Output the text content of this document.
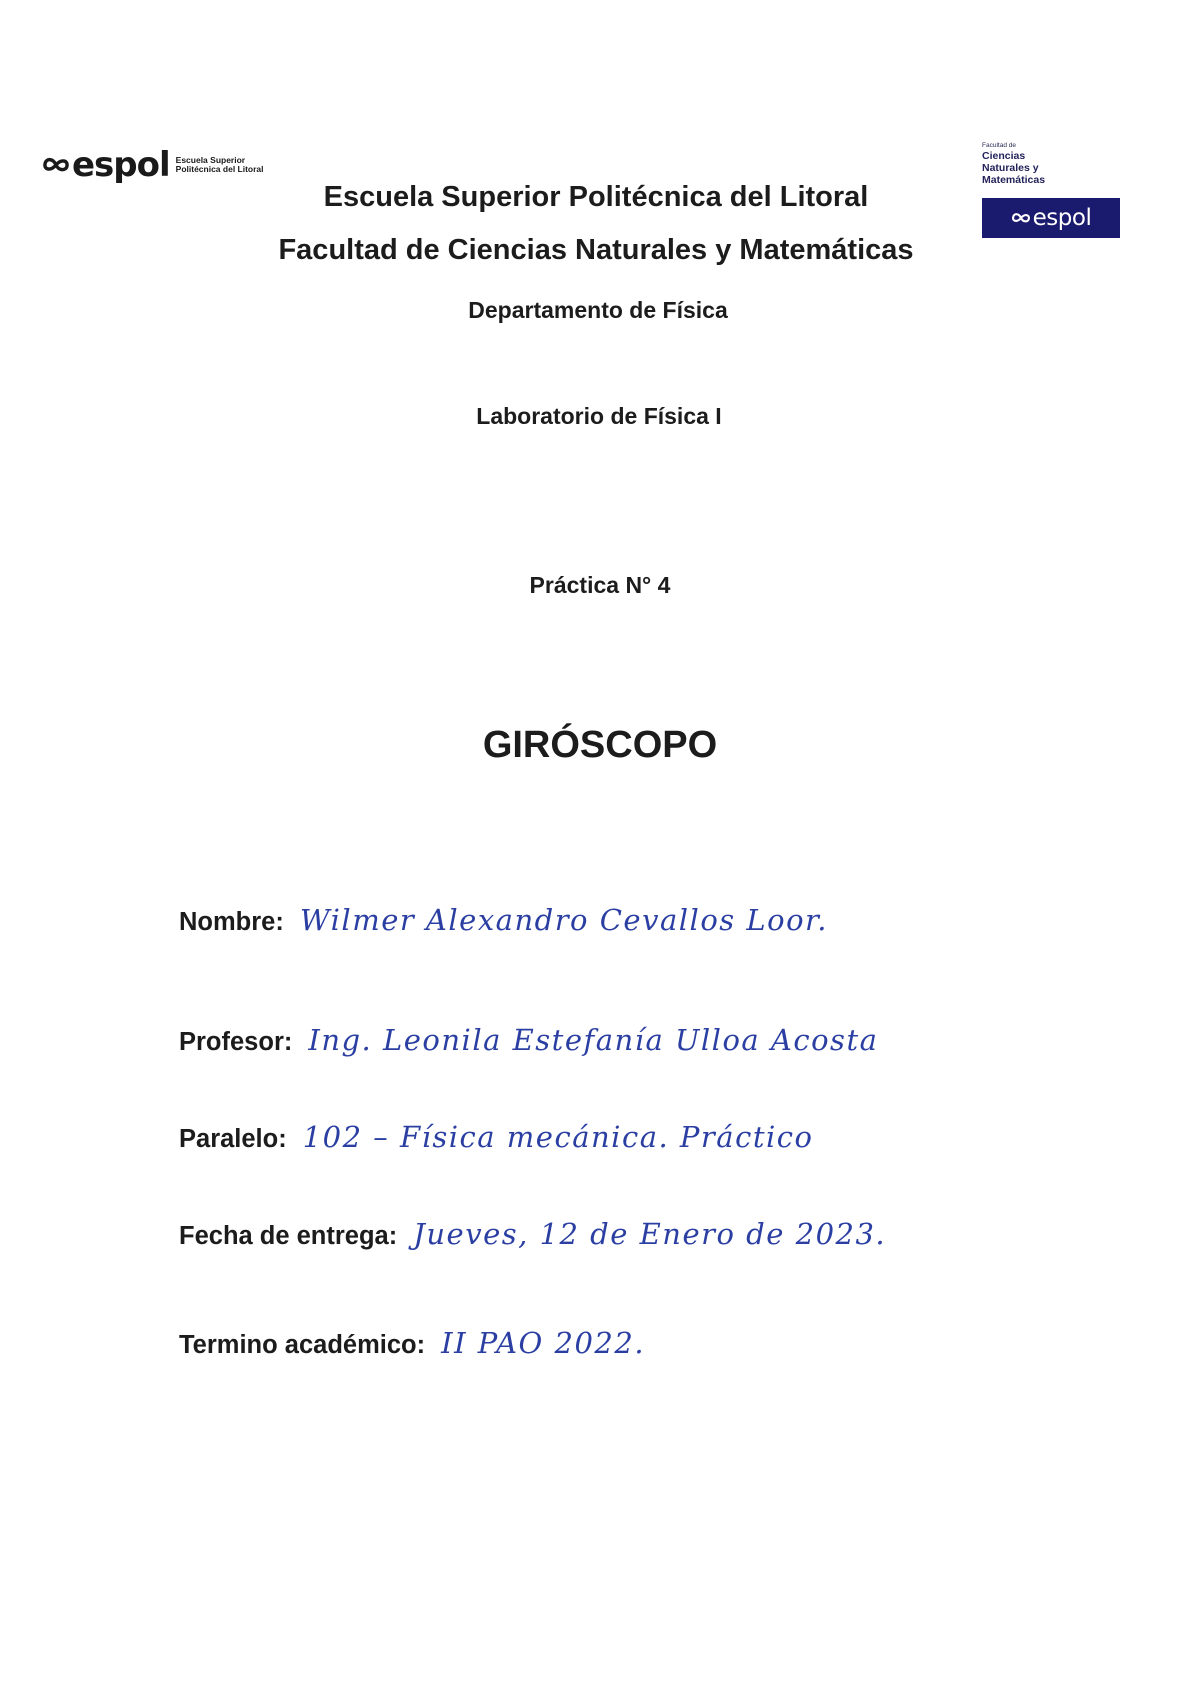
espol Escuela Superior
Politécnica del Litoral
Facultad de
Ciencias
Naturales y
Matemáticas
espol
Escuela Superior Politécnica del Litoral
Facultad de Ciencias Naturales y Matemáticas
Departamento de Física
Laboratorio de Física I
Práctica N° 4
GIRÓSCOPO
Nombre: Wilmer Alexandro Cevallos Loor.
Profesor: Ing. Leonila Estefanía Ulloa Acosta
Paralelo: 102 – Física mecánica. Práctico
Fecha de entrega: Jueves, 12 de Enero de 2023.
Termino académico: II PAO 2022.
